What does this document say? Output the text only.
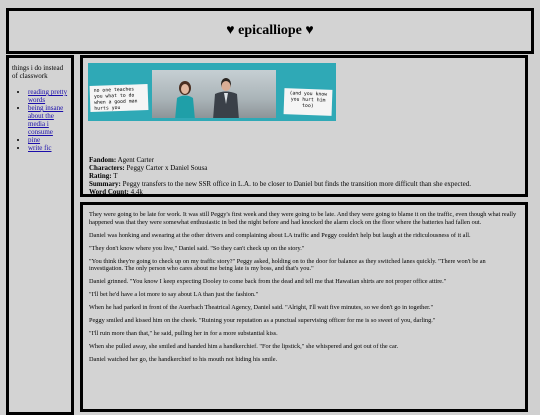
♥ epicalliope ♥
things i do instead of classwork
• reading pretty words
• being insane about the media i consume
• pine
• write fic
no one teaches you what to do when a good man hurts you
(and you know you hurt him too)
Fandom: Agent Carter
Characters: Peggy Carter x Daniel Sousa
Rating: T
Summary: Peggy transfers to the new SSR office in L.A. to be closer to Daniel but finds the transition more difficult than she expected.
Word Count: 4.4k

They were going to be late for work. It was still Peggy's first week and they were going to be late. And they were going to blame it on the traffic, even though what really happened was that they were somewhat enthusiastic in bed the night before and had knocked the alarm clock on the floor where the batteries had fallen out.

Daniel was honking and swearing at the other drivers and complaining about LA traffic and Peggy couldn't help but laugh at the ridiculousness of it all.

"They don't know where you live," Daniel said. "So they can't check up on the story."

"You think they're going to check up on my traffic story?" Peggy asked, holding on to the door for balance as they switched lanes quickly. "There won't be an investigation. The only person who cares about me being late is my boss, and that's you."

Daniel grinned. "You know I keep expecting Dooley to come back from the dead and tell me that Hawaiian shirts are not proper office attire."

"I'll bet he'd have a lot more to say about LA than just the fashion."

When he had parked in front of the Auerbach Theatrical Agency, Daniel said. "Alright, I'll wait five minutes, so we don't go in together."

Peggy smiled and kissed him on the cheek. "Ruining your reputation as a punctual supervising officer for me is so sweet of you, darling."

"I'll ruin more than that," he said, pulling her in for a more substantial kiss.

When she pulled away, she smiled and handed him a handkerchief. "For the lipstick," she whispered and got out of the car.

Daniel watched her go, the handkerchief to his mouth not hiding his smile.
